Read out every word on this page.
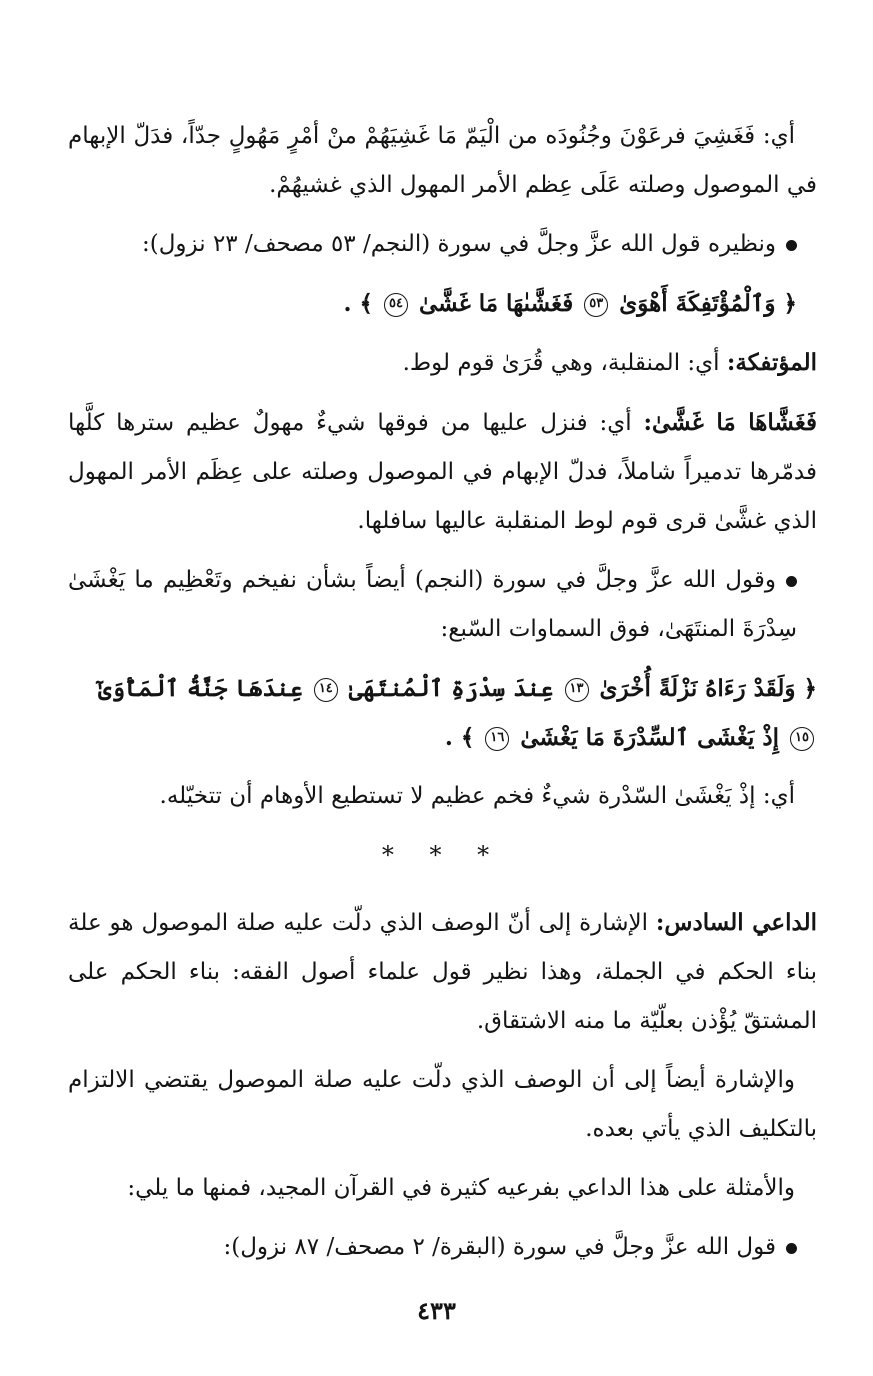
أي: فَغَشِيَ فرعَوْنَ وجُنُودَه من الْيَمّ مَا غَشِيَهُمْ منْ أمْرٍ مَهُولٍ جدّاً، فدَلّ الإبهام في الموصول وصلته عَلَى عِظم الأمر المهول الذي غشيهُمْ.

ونظيره قول الله عزَّ وجلَّ في سورة (النجم/ ٥٣ مصحف/ ٢٣ نزول):

﴿ وَٱلْمُؤْتَفِكَةَ أَهْوَىٰ ٥٣ فَغَشَّىٰهَا مَا غَشَّىٰ ٥٤ ﴾ .

المؤتفكة: أي: المنقلبة، وهي قُرَىٰ قوم لوط.

فَغَشَّاهَا مَا غَشَّىٰ: أي: فنزل عليها من فوقها شيءٌ مهولٌ عظيم سترها كلَّها فدمّرها تدميراً شاملاً، فدلّ الإبهام في الموصول وصلته على عِظَم الأمر المهول الذي غشَّىٰ قرى قوم لوط المنقلبة عاليها سافلها.

وقول الله عزَّ وجلَّ في سورة (النجم) أيضاً بشأن نفيخم وتَعْظِيم ما يَغْشَىٰ سِدْرَةَ المنتَهَىٰ، فوق السماوات السّبع:

﴿ وَلَقَدْ رَءَاهُ نَزْلَةً أُخْرَىٰ ١٣ عِندَ سِدْرَةِ ٱلْمُنتَهَىٰ ١٤ عِندَهَا جَنَّةُ ٱلْمَأْوَىٰٓ ١٥ إِذْ يَغْشَى ٱلسِّدْرَةَ مَا يَغْشَىٰ ١٦ ﴾ .

أي: إذْ يَغْشَىٰ السّدْرة شيءٌ فخم عظيم لا تستطيع الأوهام أن تتخيّله.

* * *

الداعي السادس: الإشارة إلى أنّ الوصف الذي دلّت عليه صلة الموصول هو علة بناء الحكم في الجملة، وهذا نظير قول علماء أصول الفقه: بناء الحكم على المشتقّ يُؤْذن بعلّيّة ما منه الاشتقاق.

والإشارة أيضاً إلى أن الوصف الذي دلّت عليه صلة الموصول يقتضي الالتزام بالتكليف الذي يأتي بعده.

والأمثلة على هذا الداعي بفرعيه كثيرة في القرآن المجيد، فمنها ما يلي:

قول الله عزَّ وجلَّ في سورة (البقرة/ ٢ مصحف/ ٨٧ نزول):

٤٣٣
